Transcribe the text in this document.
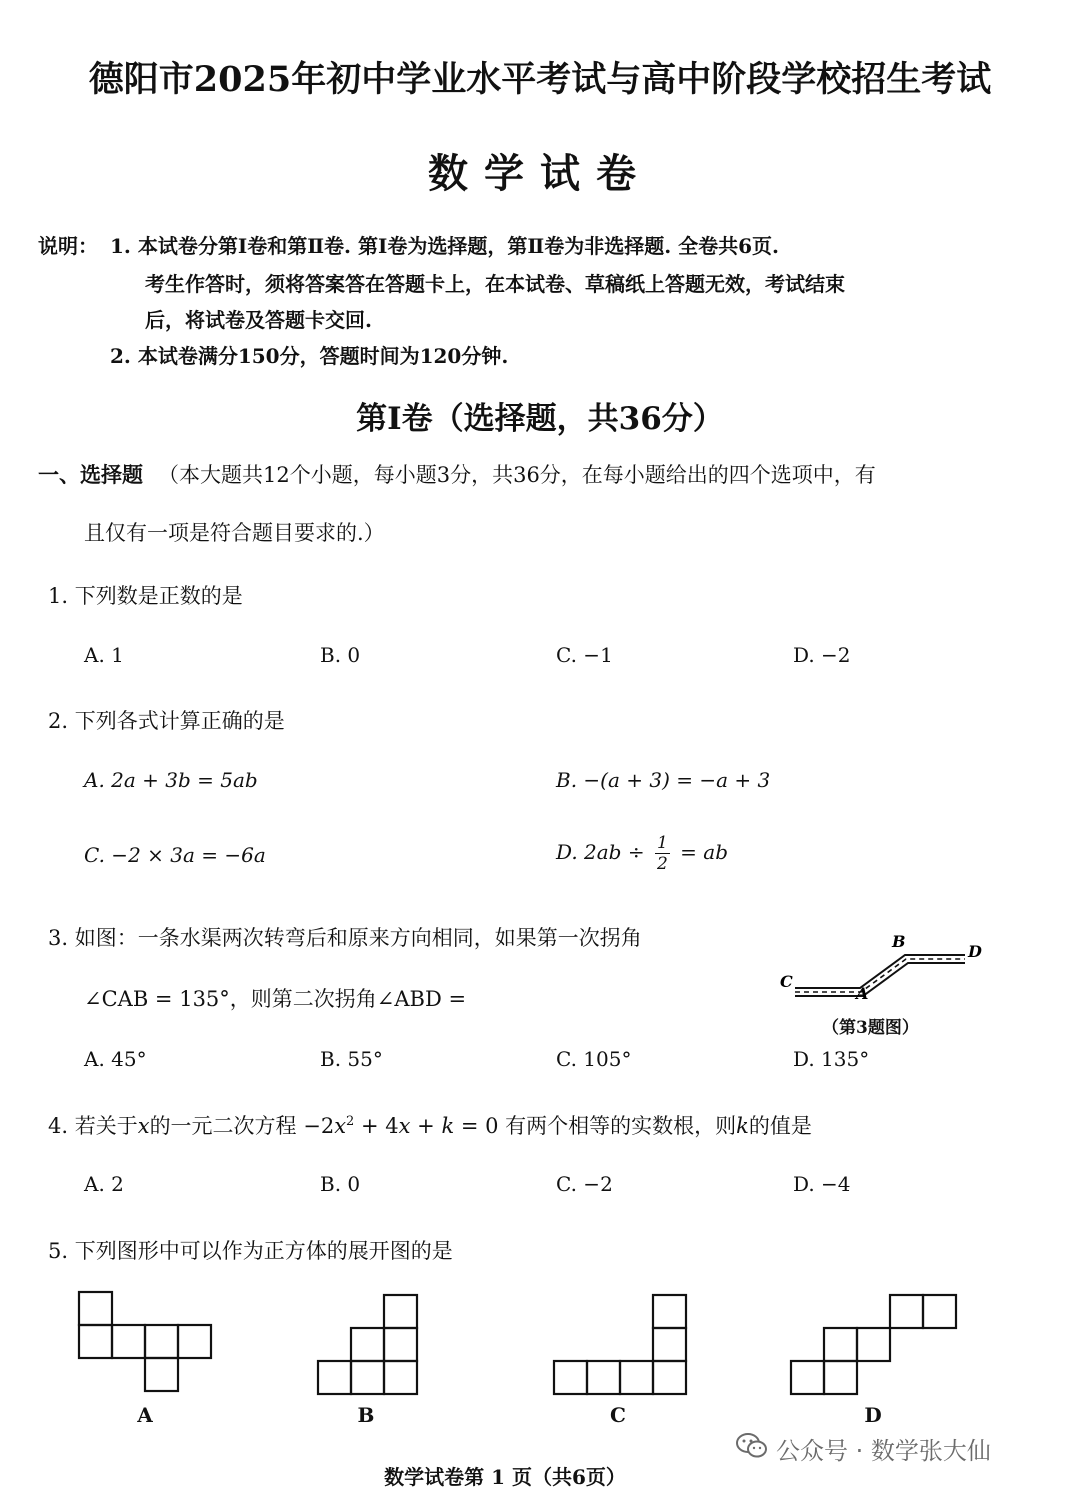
德阳市2025年初中学业水平考试与高中阶段学校招生考试
数学试卷
说明： 1. 本试卷分第Ⅰ卷和第Ⅱ卷. 第Ⅰ卷为选择题，第Ⅱ卷为非选择题. 全卷共6页.
考生作答时，须将答案答在答题卡上，在本试卷、草稿纸上答题无效，考试结束
后，将试卷及答题卡交回.
2. 本试卷满分150分，答题时间为120分钟.
第Ⅰ卷（选择题，共36分）
一、选择题 （本大题共12个小题，每小题3分，共36分，在每小题给出的四个选项中，有
且仅有一项是符合题目要求的.）
1. 下列数是正数的是
A. 1	B. 0	C. −1	D. −2
2. 下列各式计算正确的是
A. 2a + 3b = 5ab	B. −(a + 3) = −a + 3
C. −2 × 3a = −6a	D. $2ab \div \frac{1}{2}$ = ab
3. 如图：一条水渠两次转弯后和原来方向相同，如果第一次拐角
∠CAB = 135°，则第二次拐角∠ABD =
B
D
C
A
（第3题图）
A. 45°	B. 55°	C. 105°	D. 135°
4. 若关于x的一元二次方程 $-2x^2 + 4x + k = 0$ 有两个相等的实数根，则k的值是
A. 2	B. 0	C. −2	D. −4
5. 下列图形中可以作为正方体的展开图的是
A	B	C	D
公众号 · 数学张大仙
数学试卷第 1 页（共6页）
